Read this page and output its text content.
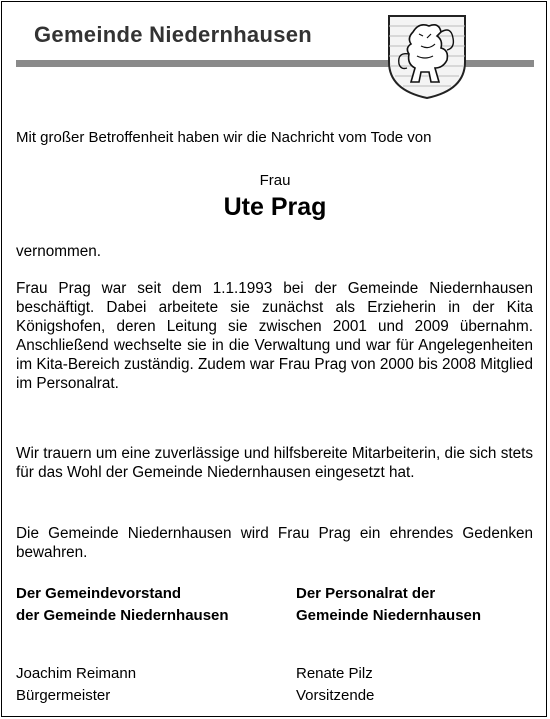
Gemeinde Niedernhausen
Mit großer Betroffenheit haben wir die Nachricht vom Tode von
Frau
Ute Prag

vernommen.

Frau Prag war seit dem 1.1.1993 bei der Gemeinde Niedernhausen beschäftigt. Dabei arbeitete sie zunächst als Erzieherin in der Kita Königshofen, deren Leitung sie zwischen 2001 und 2009 übernahm. Anschließend wechselte sie in die Verwaltung und war für Angelegenheiten im Kita-Bereich zuständig. Zudem war Frau Prag von 2000 bis 2008 Mitglied im Personalrat.

Wir trauern um eine zuverlässige und hilfsbereite Mitarbeiterin, die sich stets für das Wohl der Gemeinde Niedernhausen eingesetzt hat.

Die Gemeinde Niedernhausen wird Frau Prag ein ehrendes Gedenken bewahren.

Der Gemeindevorstand
der Gemeinde Niedernhausen
Der Personalrat der
Gemeinde Niedernhausen
Joachim Reimann
Bürgermeister
Renate Pilz
Vorsitzende
